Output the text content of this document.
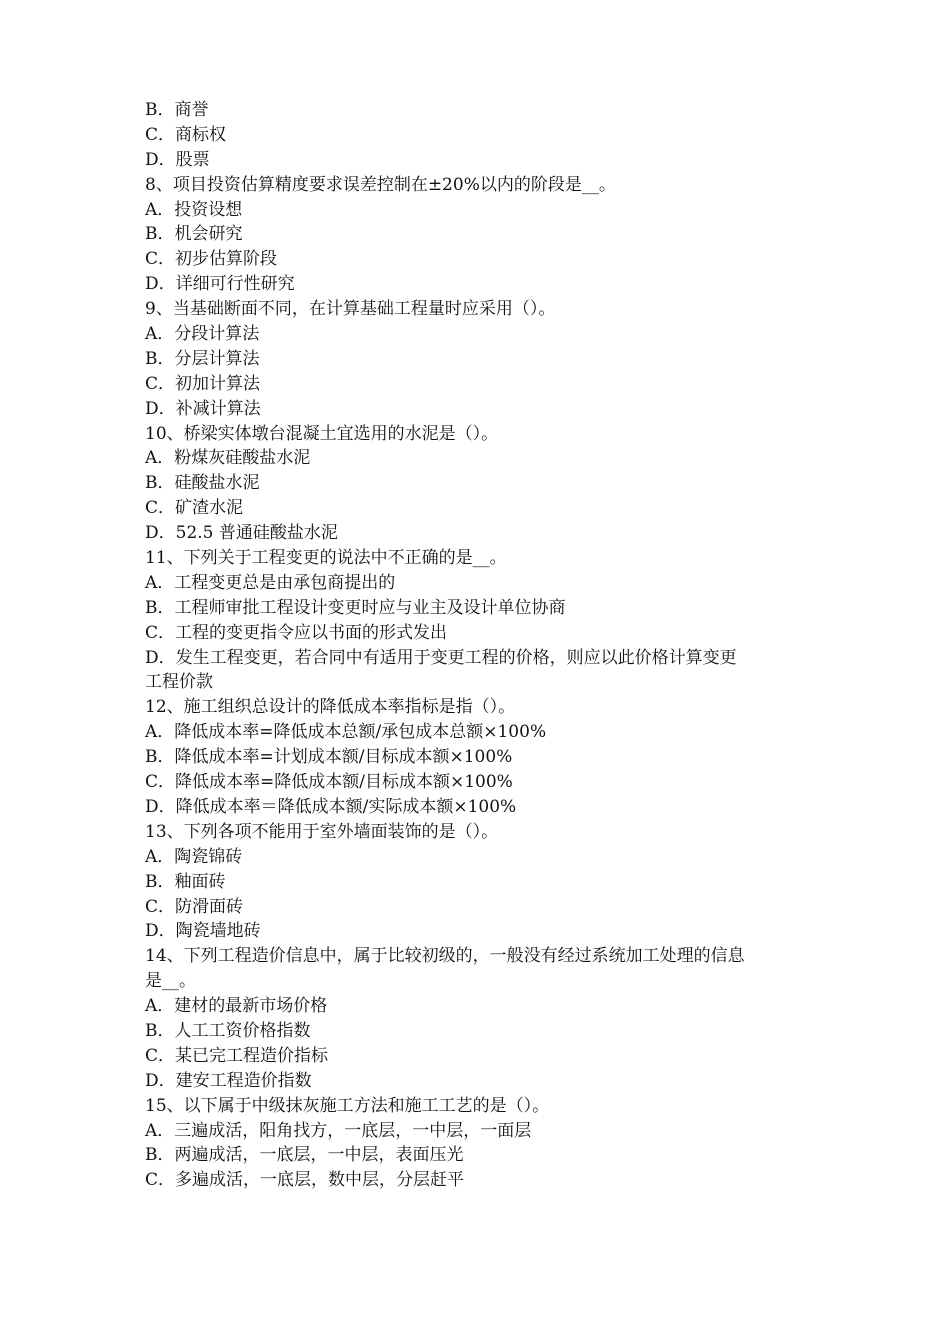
B．商誉
C．商标权
D．股票
8、项目投资估算精度要求误差控制在±20%以内的阶段是__。
A．投资设想
B．机会研究
C．初步估算阶段
D．详细可行性研究
9、当基础断面不同，在计算基础工程量时应采用（）。
A．分段计算法
B．分层计算法
C．初加计算法
D．补减计算法
10、桥梁实体墩台混凝土宜选用的水泥是（）。
A．粉煤灰硅酸盐水泥
B．硅酸盐水泥
C．矿渣水泥
D．52.5 普通硅酸盐水泥
11、下列关于工程变更的说法中不正确的是__。
A．工程变更总是由承包商提出的
B．工程师审批工程设计变更时应与业主及设计单位协商
C．工程的变更指令应以书面的形式发出
D．发生工程变更，若合同中有适用于变更工程的价格，则应以此价格计算变更
工程价款
12、施工组织总设计的降低成本率指标是指（）。
A．降低成本率=降低成本总额/承包成本总额×100%
B．降低成本率=计划成本额/目标成本额×100%
C．降低成本率=降低成本额/目标成本额×100%
D．降低成本率＝降低成本额/实际成本额×100%
13、下列各项不能用于室外墙面装饰的是（）。
A．陶瓷锦砖
B．釉面砖
C．防滑面砖
D．陶瓷墙地砖
14、下列工程造价信息中，属于比较初级的，一般没有经过系统加工处理的信息
是__。
A．建材的最新市场价格
B．人工工资价格指数
C．某已完工程造价指标
D．建安工程造价指数
15、以下属于中级抹灰施工方法和施工工艺的是（）。
A．三遍成活，阳角找方，一底层，一中层，一面层
B．两遍成活，一底层，一中层，表面压光
C．多遍成活，一底层，数中层，分层赶平
